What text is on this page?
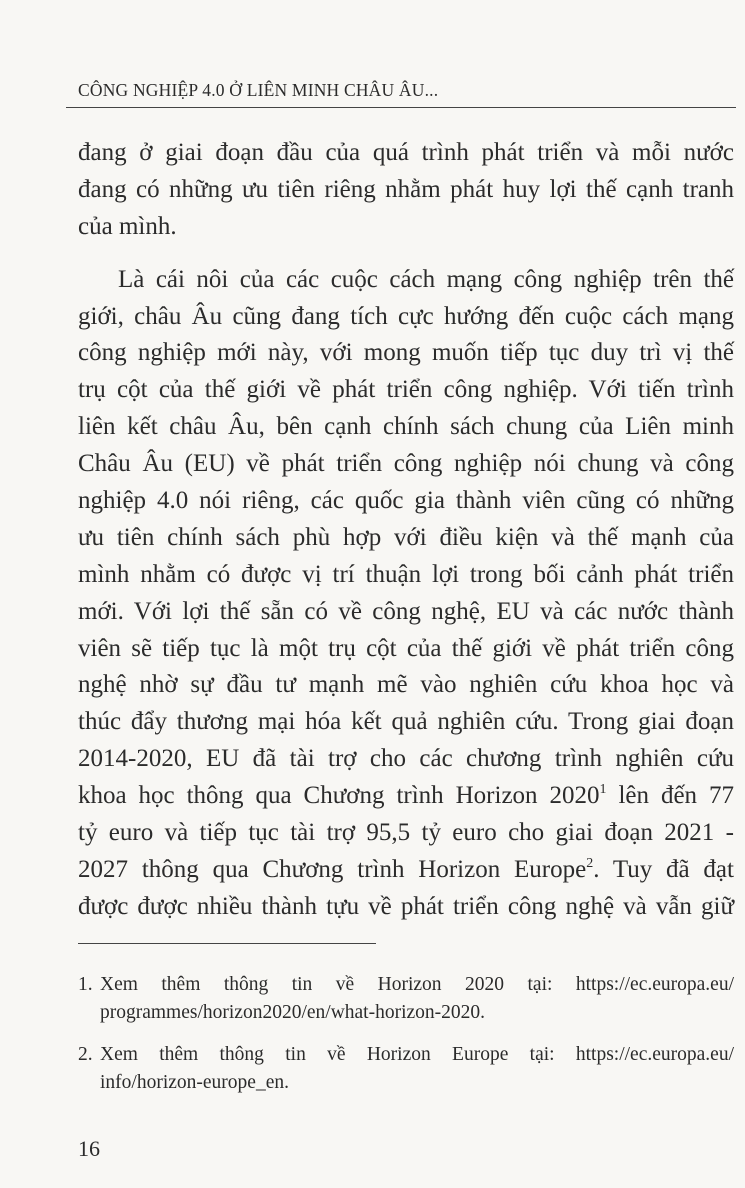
CÔNG NGHIỆP 4.0 Ở LIÊN MINH CHÂU ÂU...
đang ở giai đoạn đầu của quá trình phát triển và mỗi nước
đang có những ưu tiên riêng nhằm phát huy lợi thế cạnh tranh
của mình.
Là cái nôi của các cuộc cách mạng công nghiệp trên thế
giới, châu Âu cũng đang tích cực hướng đến cuộc cách mạng
công nghiệp mới này, với mong muốn tiếp tục duy trì vị thế
trụ cột của thế giới về phát triển công nghiệp. Với tiến trình
liên kết châu Âu, bên cạnh chính sách chung của Liên minh
Châu Âu (EU) về phát triển công nghiệp nói chung và công
nghiệp 4.0 nói riêng, các quốc gia thành viên cũng có những
ưu tiên chính sách phù hợp với điều kiện và thế mạnh của
mình nhằm có được vị trí thuận lợi trong bối cảnh phát triển
mới. Với lợi thế sẵn có về công nghệ, EU và các nước thành
viên sẽ tiếp tục là một trụ cột của thế giới về phát triển công
nghệ nhờ sự đầu tư mạnh mẽ vào nghiên cứu khoa học và
thúc đẩy thương mại hóa kết quả nghiên cứu. Trong giai đoạn
2014-2020, EU đã tài trợ cho các chương trình nghiên cứu
khoa học thông qua Chương trình Horizon 2020$^1$ lên đến 77
tỷ euro và tiếp tục tài trợ 95,5 tỷ euro cho giai đoạn 2021 -
2027 thông qua Chương trình Horizon Europe$^2$. Tuy đã đạt
được được nhiều thành tựu về phát triển công nghệ và vẫn giữ
1. Xem thêm thông tin về Horizon 2020 tại: https://ec.europa.eu/
programmes/horizon2020/en/what-horizon-2020.
2. Xem thêm thông tin về Horizon Europe tại: https://ec.europa.eu/
info/horizon-europe_en.
16
